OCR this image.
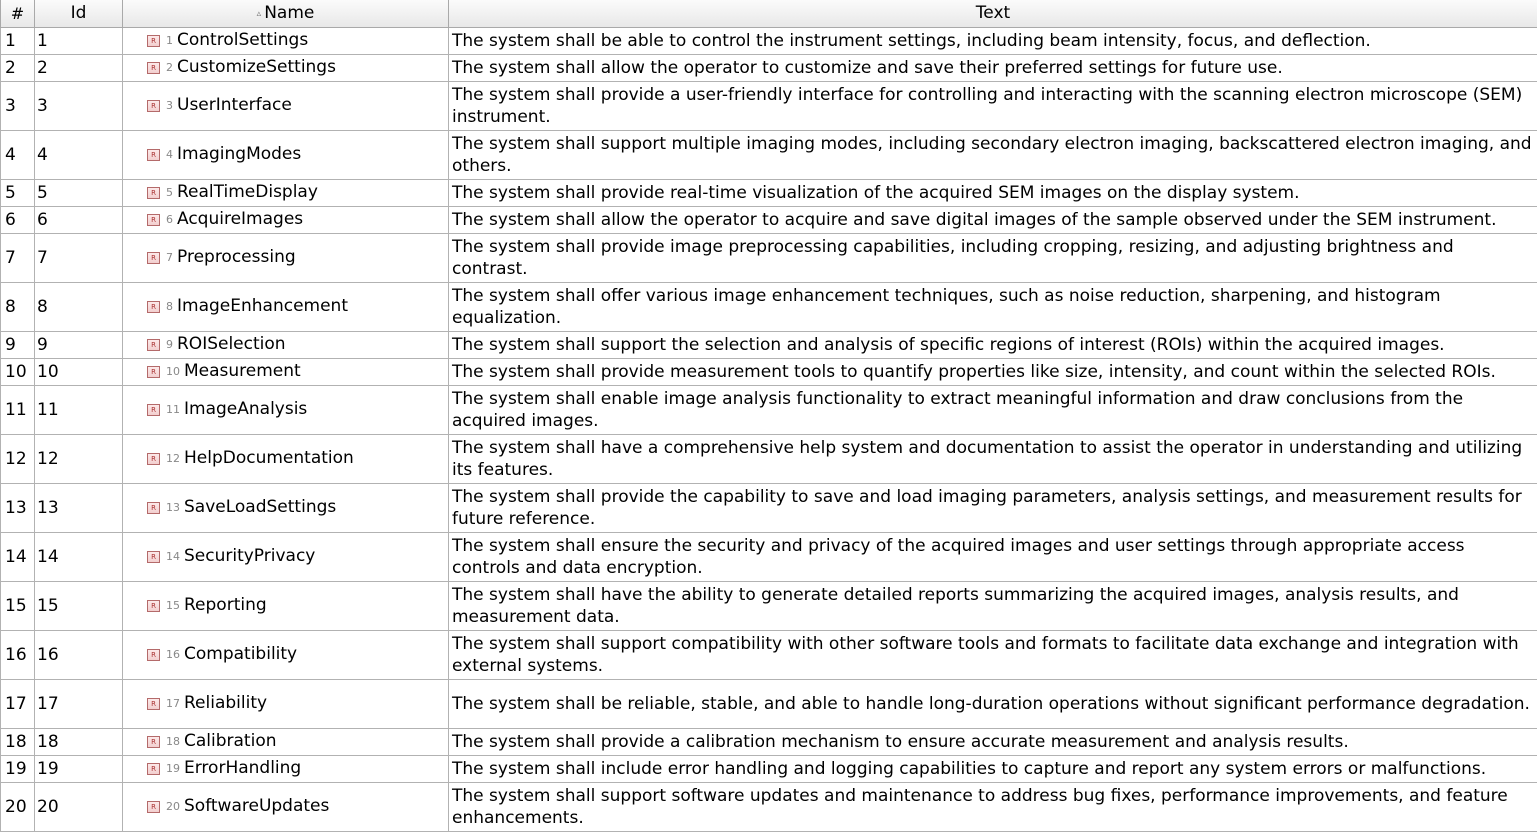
#	Id	▵ Name	Text
1	1	R 1 ControlSettings	The system shall be able to control the instrument settings, including beam intensity, focus, and deflection.
2	2	R 2 CustomizeSettings	The system shall allow the operator to customize and save their preferred settings for future use.
3	3	R 3 UserInterface	The system shall provide a user-friendly interface for controlling and interacting with the scanning electron microscope (SEM) instrument.
4	4	R 4 ImagingModes	The system shall support multiple imaging modes, including secondary electron imaging, backscattered electron imaging, and others.
5	5	R 5 RealTimeDisplay	The system shall provide real-time visualization of the acquired SEM images on the display system.
6	6	R 6 AcquireImages	The system shall allow the operator to acquire and save digital images of the sample observed under the SEM instrument.
7	7	R 7 Preprocessing	The system shall provide image preprocessing capabilities, including cropping, resizing, and adjusting brightness and contrast.
8	8	R 8 ImageEnhancement	The system shall offer various image enhancement techniques, such as noise reduction, sharpening, and histogram equalization.
9	9	R 9 ROISelection	The system shall support the selection and analysis of specific regions of interest (ROIs) within the acquired images.
10	10	R 10 Measurement	The system shall provide measurement tools to quantify properties like size, intensity, and count within the selected ROIs.
11	11	R 11 ImageAnalysis	The system shall enable image analysis functionality to extract meaningful information and draw conclusions from the acquired images.
12	12	R 12 HelpDocumentation	The system shall have a comprehensive help system and documentation to assist the operator in understanding and utilizing its features.
13	13	R 13 SaveLoadSettings	The system shall provide the capability to save and load imaging parameters, analysis settings, and measurement results for future reference.
14	14	R 14 SecurityPrivacy	The system shall ensure the security and privacy of the acquired images and user settings through appropriate access controls and data encryption.
15	15	R 15 Reporting	The system shall have the ability to generate detailed reports summarizing the acquired images, analysis results, and measurement data.
16	16	R 16 Compatibility	The system shall support compatibility with other software tools and formats to facilitate data exchange and integration with external systems.
17	17	R 17 Reliability	The system shall be reliable, stable, and able to handle long-duration operations without significant performance degradation.
18	18	R 18 Calibration	The system shall provide a calibration mechanism to ensure accurate measurement and analysis results.
19	19	R 19 ErrorHandling	The system shall include error handling and logging capabilities to capture and report any system errors or malfunctions.
20	20	R 20 SoftwareUpdates	The system shall support software updates and maintenance to address bug fixes, performance improvements, and feature enhancements.
